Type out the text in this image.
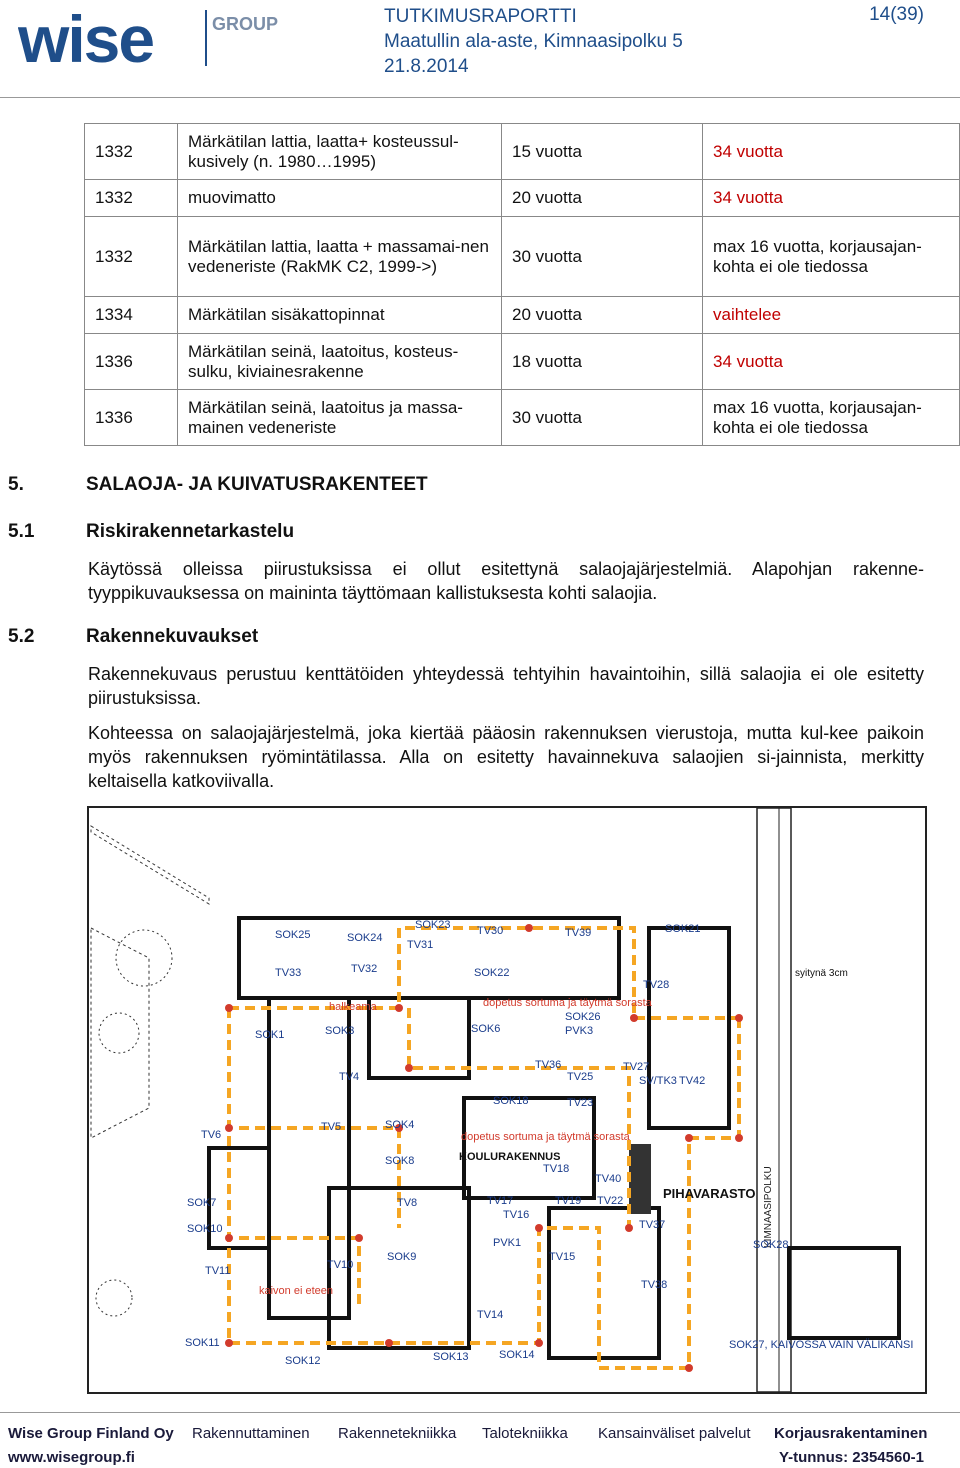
wise	GROUP	TUTKIMUSRAPORTTI
Maatullin ala-aste, Kimnaasipolku 5
21.8.2014
14(39)
1332	Märkätilan lattia, laatta+ kosteussul-kusively (n. 1980…1995)	15 vuotta	34 vuotta
1332	muovimatto	20 vuotta	34 vuotta
1332	Märkätilan lattia, laatta + massamai-nen vedeneriste (RakMK C2, 1999->)	30 vuotta	max 16 vuotta, korjausajan-kohta ei ole tiedossa
1334	Märkätilan sisäkattopinnat	20 vuotta	vaihtelee
1336	Märkätilan seinä, laatoitus, kosteus-sulku, kiviainesrakenne	18 vuotta	34 vuotta
1336	Märkätilan seinä, laatoitus ja massa-mainen vedeneriste	30 vuotta	max 16 vuotta, korjausajan-kohta ei ole tiedossa
5.	SALAOJA- JA KUIVATUSRAKENTEET
5.1	Riskirakennetarkastelu
Käytössä olleissa piirustuksissa ei ollut esitettynä salaojajärjestelmiä. Alapohjan rakenne-tyyppikuvauksessa on maininta täyttömaan kallistuksesta kohti salaojia.
5.2	Rakennekuvaukset
Rakennekuvaus perustuu kenttätöiden yhteydessä tehtyihin havaintoihin, sillä salaojia ei ole esitetty piirustuksissa.
Kohteessa on salaojajärjestelmä, joka kiertää pääosin rakennuksen vierustoja, mutta kul-kee paikoin myös rakennuksen ryömintätilassa. Alla on esitetty havainnekuva salaojien si-jainnista, merkitty keltaisella katkoviivalla.
KIMNAASIPOLKU
SOK25	SOK24
SOK23 TV30	TV39	SOK21
TV31
TV33	TV32	SOK22
TV28
dopetus sortuma ja täytmä sorasta
halkeama
SOK1	SOK3	SOK6
SOK26
PVK3
TV4
TV36
TV25
TV27
SV/TK3 TV42
SOK18	TV23
TV5	SOK4
TV6	dopetus sortuma ja täytmä sorasta
KOULURAKENNUS
SOK8
TV18
TV40
PIHAVARASTO
SOK7	TV8	TV17	TV19 TV22
SOK10
TV16
PVK1
TV37
SOK28
SOK9
TV10
TV11
TV15
TV38
kaivon ei eteen
TV14
SOK11
SOK12	SOK13	SOK14
SOK27, KAIVOSSA VAIN VÄLIKANSI
syitynä 3cm
Wise Group Finland Oy Rakennuttaminen Rakennetekniikka Talotekniikka Kansainväliset palvelut Korjausrakentaminen
www.wisegroup.fi	Y-tunnus: 2354560-1
